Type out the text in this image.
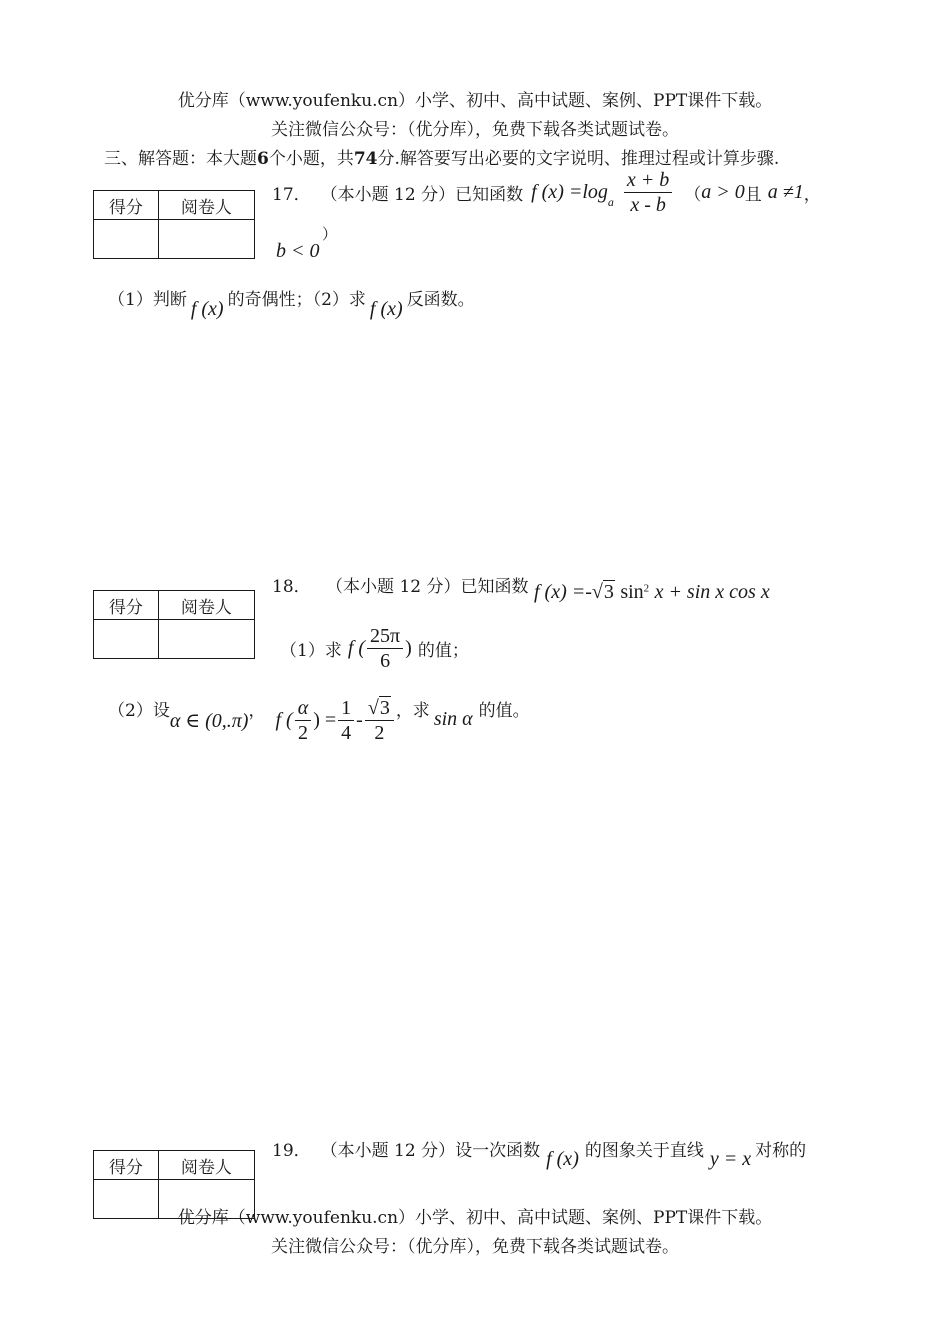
优分库（www.youfenku.cn）小学、初中、高中试题、案例、PPT课件下载。
关注微信公众号：（优分库），免费下载各类试题试卷。
三、解答题：本大题6个小题，共74分.解答要写出必要的文字说明、推理过程或计算步骤.
得分	阅卷人

17． （本小题 12 分）已知函数 f (x) =log a $\frac{x + b}{x - b}$ （ a > 0 且 a ≠1 ，
b < 0
）
（1）判断 f (x) 的奇偶性；（2）求 f (x) 反函数。
得分	阅卷人

18． （本小题 12 分）已知函数 f (x) =-√3 $\sin^2 x + \sin x$ cos x
（1）求 f ( $\frac{25\pi}{6}$ ) 的值；
（2）设 α ∈ (0,.π) ， f ( $\frac{\alpha}{2}$ ) = $\frac{1}{4} - \frac{√3}{2}$ ，求 sin α 的值。
得分	阅卷人

19． （本小题 12 分）设一次函数 f (x) 的图象关于直线 y = x 对称的
优分库（www.youfenku.cn）小学、初中、高中试题、案例、PPT课件下载。
关注微信公众号：（优分库），免费下载各类试题试卷。
